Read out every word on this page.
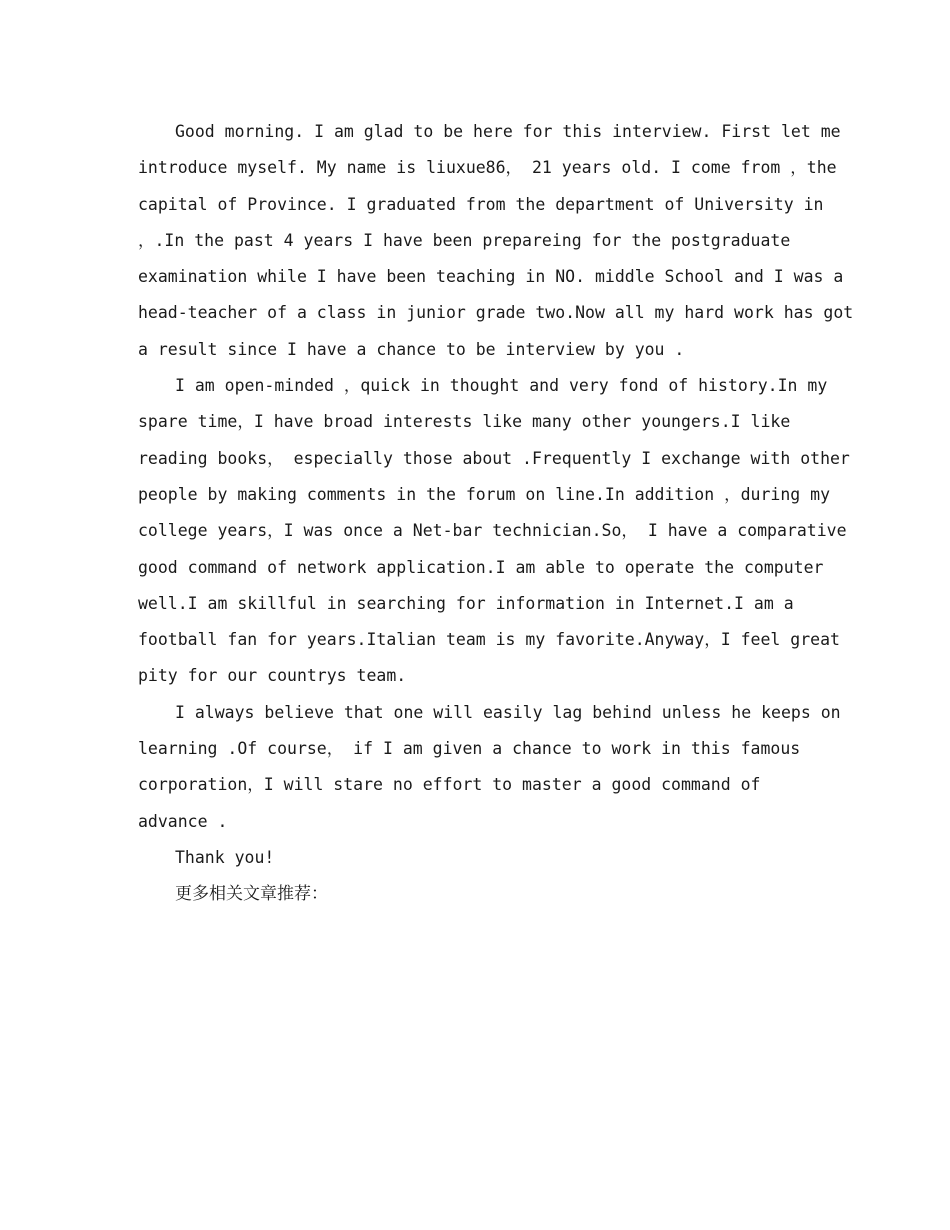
Good morning. I am glad to be here for this interview. First let me
introduce myself. My name is liuxue86， 21 years old. I come from ，the
capital of Province. I graduated from the department of University in
，.In the past 4 years I have been prepareing for the postgraduate
examination while I have been teaching in NO. middle School and I was a
head-teacher of a class in junior grade two.Now all my hard work has got
a result since I have a chance to be interview by you .

I am open-minded ，quick in thought and very fond of history.In my
spare time，I have broad interests like many other youngers.I like
reading books， especially those about .Frequently I exchange with other
people by making comments in the forum on line.In addition ，during my
college years，I was once a Net-bar technician.So， I have a comparative
good command of network application.I am able to operate the computer
well.I am skillful in searching for information in Internet.I am a
football fan for years.Italian team is my favorite.Anyway，I feel great
pity for our countrys team.

I always believe that one will easily lag behind unless he keeps on
learning .Of course， if I am given a chance to work in this famous
corporation，I will stare no effort to master a good command of
advance .

Thank you!

更多相关文章推荐：
